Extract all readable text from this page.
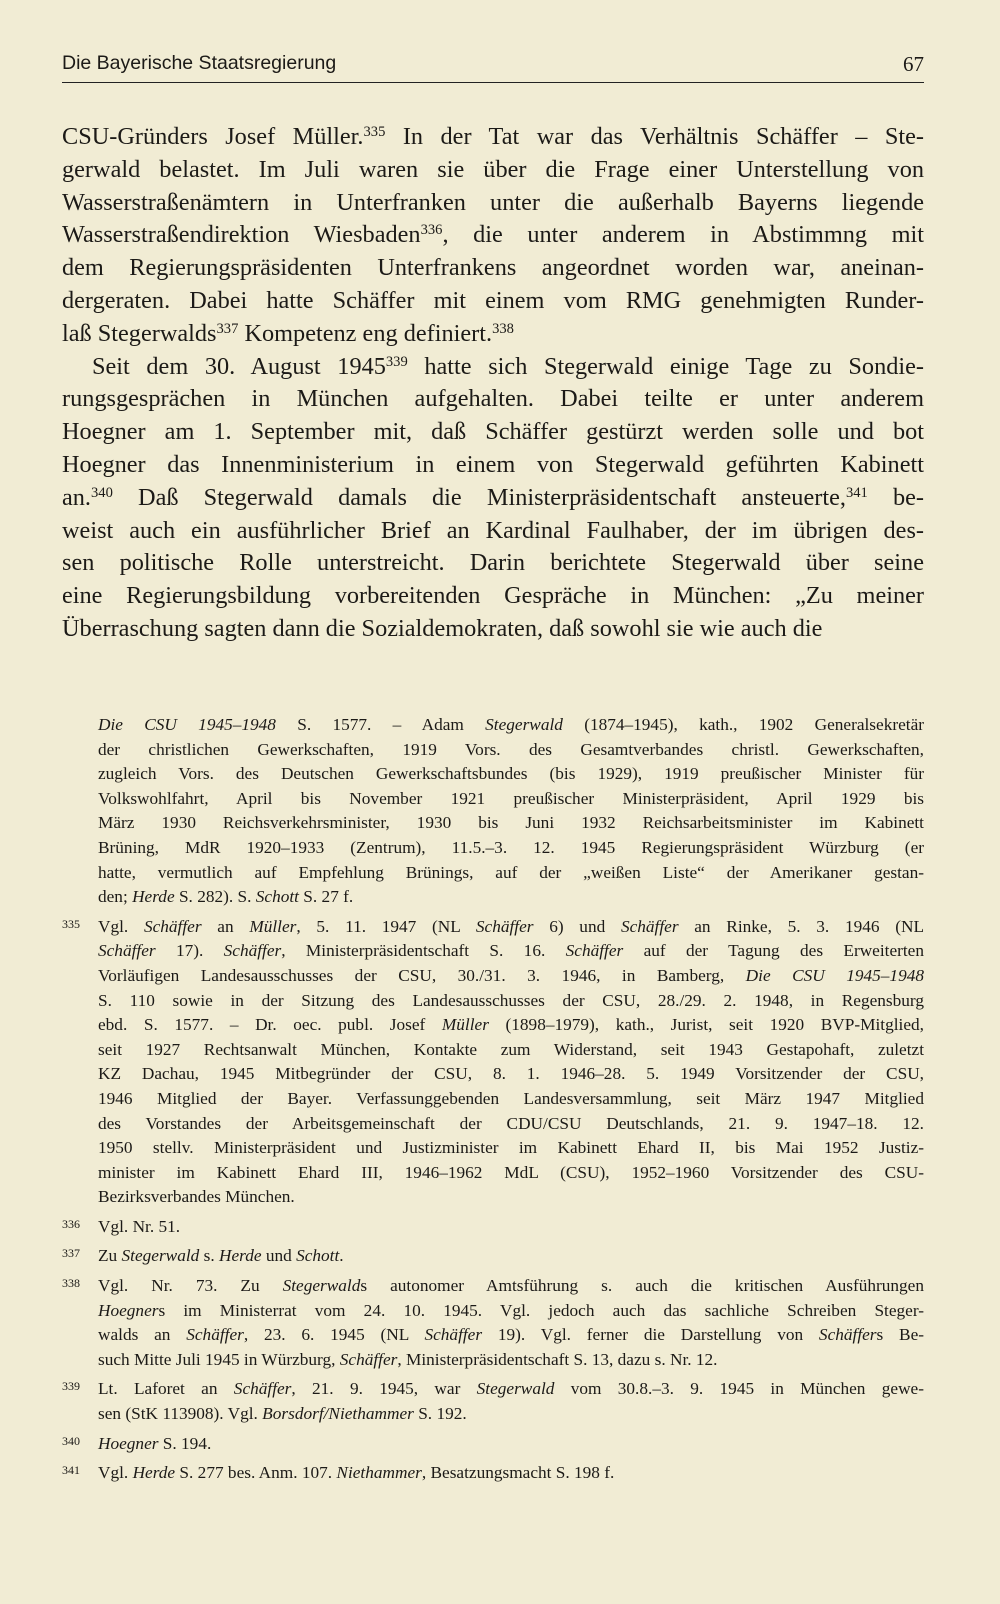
Die Bayerische Staatsregierung	67
CSU-Gründers Josef Müller.$^{335}$ In der Tat war das Verhältnis Schäffer – Ste-
gerwald belastet. Im Juli waren sie über die Frage einer Unterstellung von
Wasserstraßenämtern in Unterfranken unter die außerhalb Bayerns liegende
Wasserstraßendirektion Wiesbaden$^{336}$, die unter anderem in Abstimmng mit
dem Regierungspräsidenten Unterfrankens angeordnet worden war, aneinan-
dergeraten. Dabei hatte Schäffer mit einem vom RMG genehmigten Runder-
laß Stegerwalds$^{337}$ Kompetenz eng definiert.$^{338}$
Seit dem 30. August 1945$^{339}$ hatte sich Stegerwald einige Tage zu Sondie-
rungsgesprächen in München aufgehalten. Dabei teilte er unter anderem
Hoegner am 1. September mit, daß Schäffer gestürzt werden solle und bot
Hoegner das Innenministerium in einem von Stegerwald geführten Kabinett
an.$^{340}$ Daß Stegerwald damals die Ministerpräsidentschaft ansteuerte,$^{341}$ be-
weist auch ein ausführlicher Brief an Kardinal Faulhaber, der im übrigen des-
sen politische Rolle unterstreicht. Darin berichtete Stegerwald über seine
eine Regierungsbildung vorbereitenden Gespräche in München: „Zu meiner
Überraschung sagten dann die Sozialdemokraten, daß sowohl sie wie auch die
Die CSU 1945–1948 S. 1577. – Adam Stegerwald (1874–1945), kath., 1902 Generalsekretär
der christlichen Gewerkschaften, 1919 Vors. des Gesamtverbandes christl. Gewerkschaften,
zugleich Vors. des Deutschen Gewerkschaftsbundes (bis 1929), 1919 preußischer Minister für
Volkswohlfahrt, April bis November 1921 preußischer Ministerpräsident, April 1929 bis
März 1930 Reichsverkehrsminister, 1930 bis Juni 1932 Reichsarbeitsminister im Kabinett
Brüning, MdR 1920–1933 (Zentrum), 11.5.–3. 12. 1945 Regierungspräsident Würzburg (er
hatte, vermutlich auf Empfehlung Brünings, auf der „weißen Liste“ der Amerikaner gestan-
den; Herde S. 282). S. Schott S. 27 f.
335 Vgl. Schäffer an Müller, 5. 11. 1947 (NL Schäffer 6) und Schäffer an Rinke, 5. 3. 1946 (NL
Schäffer 17). Schäffer, Ministerpräsidentschaft S. 16. Schäffer auf der Tagung des Erweiterten
Vorläufigen Landesausschusses der CSU, 30./31. 3. 1946, in Bamberg, Die CSU 1945–1948
S. 110 sowie in der Sitzung des Landesausschusses der CSU, 28./29. 2. 1948, in Regensburg
ebd. S. 1577. – Dr. oec. publ. Josef Müller (1898–1979), kath., Jurist, seit 1920 BVP-Mitglied,
seit 1927 Rechtsanwalt München, Kontakte zum Widerstand, seit 1943 Gestapohaft, zuletzt
KZ Dachau, 1945 Mitbegründer der CSU, 8. 1. 1946–28. 5. 1949 Vorsitzender der CSU,
1946 Mitglied der Bayer. Verfassunggebenden Landesversammlung, seit März 1947 Mitglied
des Vorstandes der Arbeitsgemeinschaft der CDU/CSU Deutschlands, 21. 9. 1947–18. 12.
1950 stellv. Ministerpräsident und Justizminister im Kabinett Ehard II, bis Mai 1952 Justiz-
minister im Kabinett Ehard III, 1946–1962 MdL (CSU), 1952–1960 Vorsitzender des CSU-
Bezirksverbandes München.
336 Vgl. Nr. 51.
337 Zu Stegerwald s. Herde und Schott.
338 Vgl. Nr. 73. Zu Stegerwalds autonomer Amtsführung s. auch die kritischen Ausführungen
Hoegners im Ministerrat vom 24. 10. 1945. Vgl. jedoch auch das sachliche Schreiben Steger-
walds an Schäffer, 23. 6. 1945 (NL Schäffer 19). Vgl. ferner die Darstellung von Schäffers Be-
such Mitte Juli 1945 in Würzburg, Schäffer, Ministerpräsidentschaft S. 13, dazu s. Nr. 12.
339 Lt. Laforet an Schäffer, 21. 9. 1945, war Stegerwald vom 30.8.–3. 9. 1945 in München gewe-
sen (StK 113908). Vgl. Borsdorf/Niethammer S. 192.
340 Hoegner S. 194.
341 Vgl. Herde S. 277 bes. Anm. 107. Niethammer, Besatzungsmacht S. 198 f.
